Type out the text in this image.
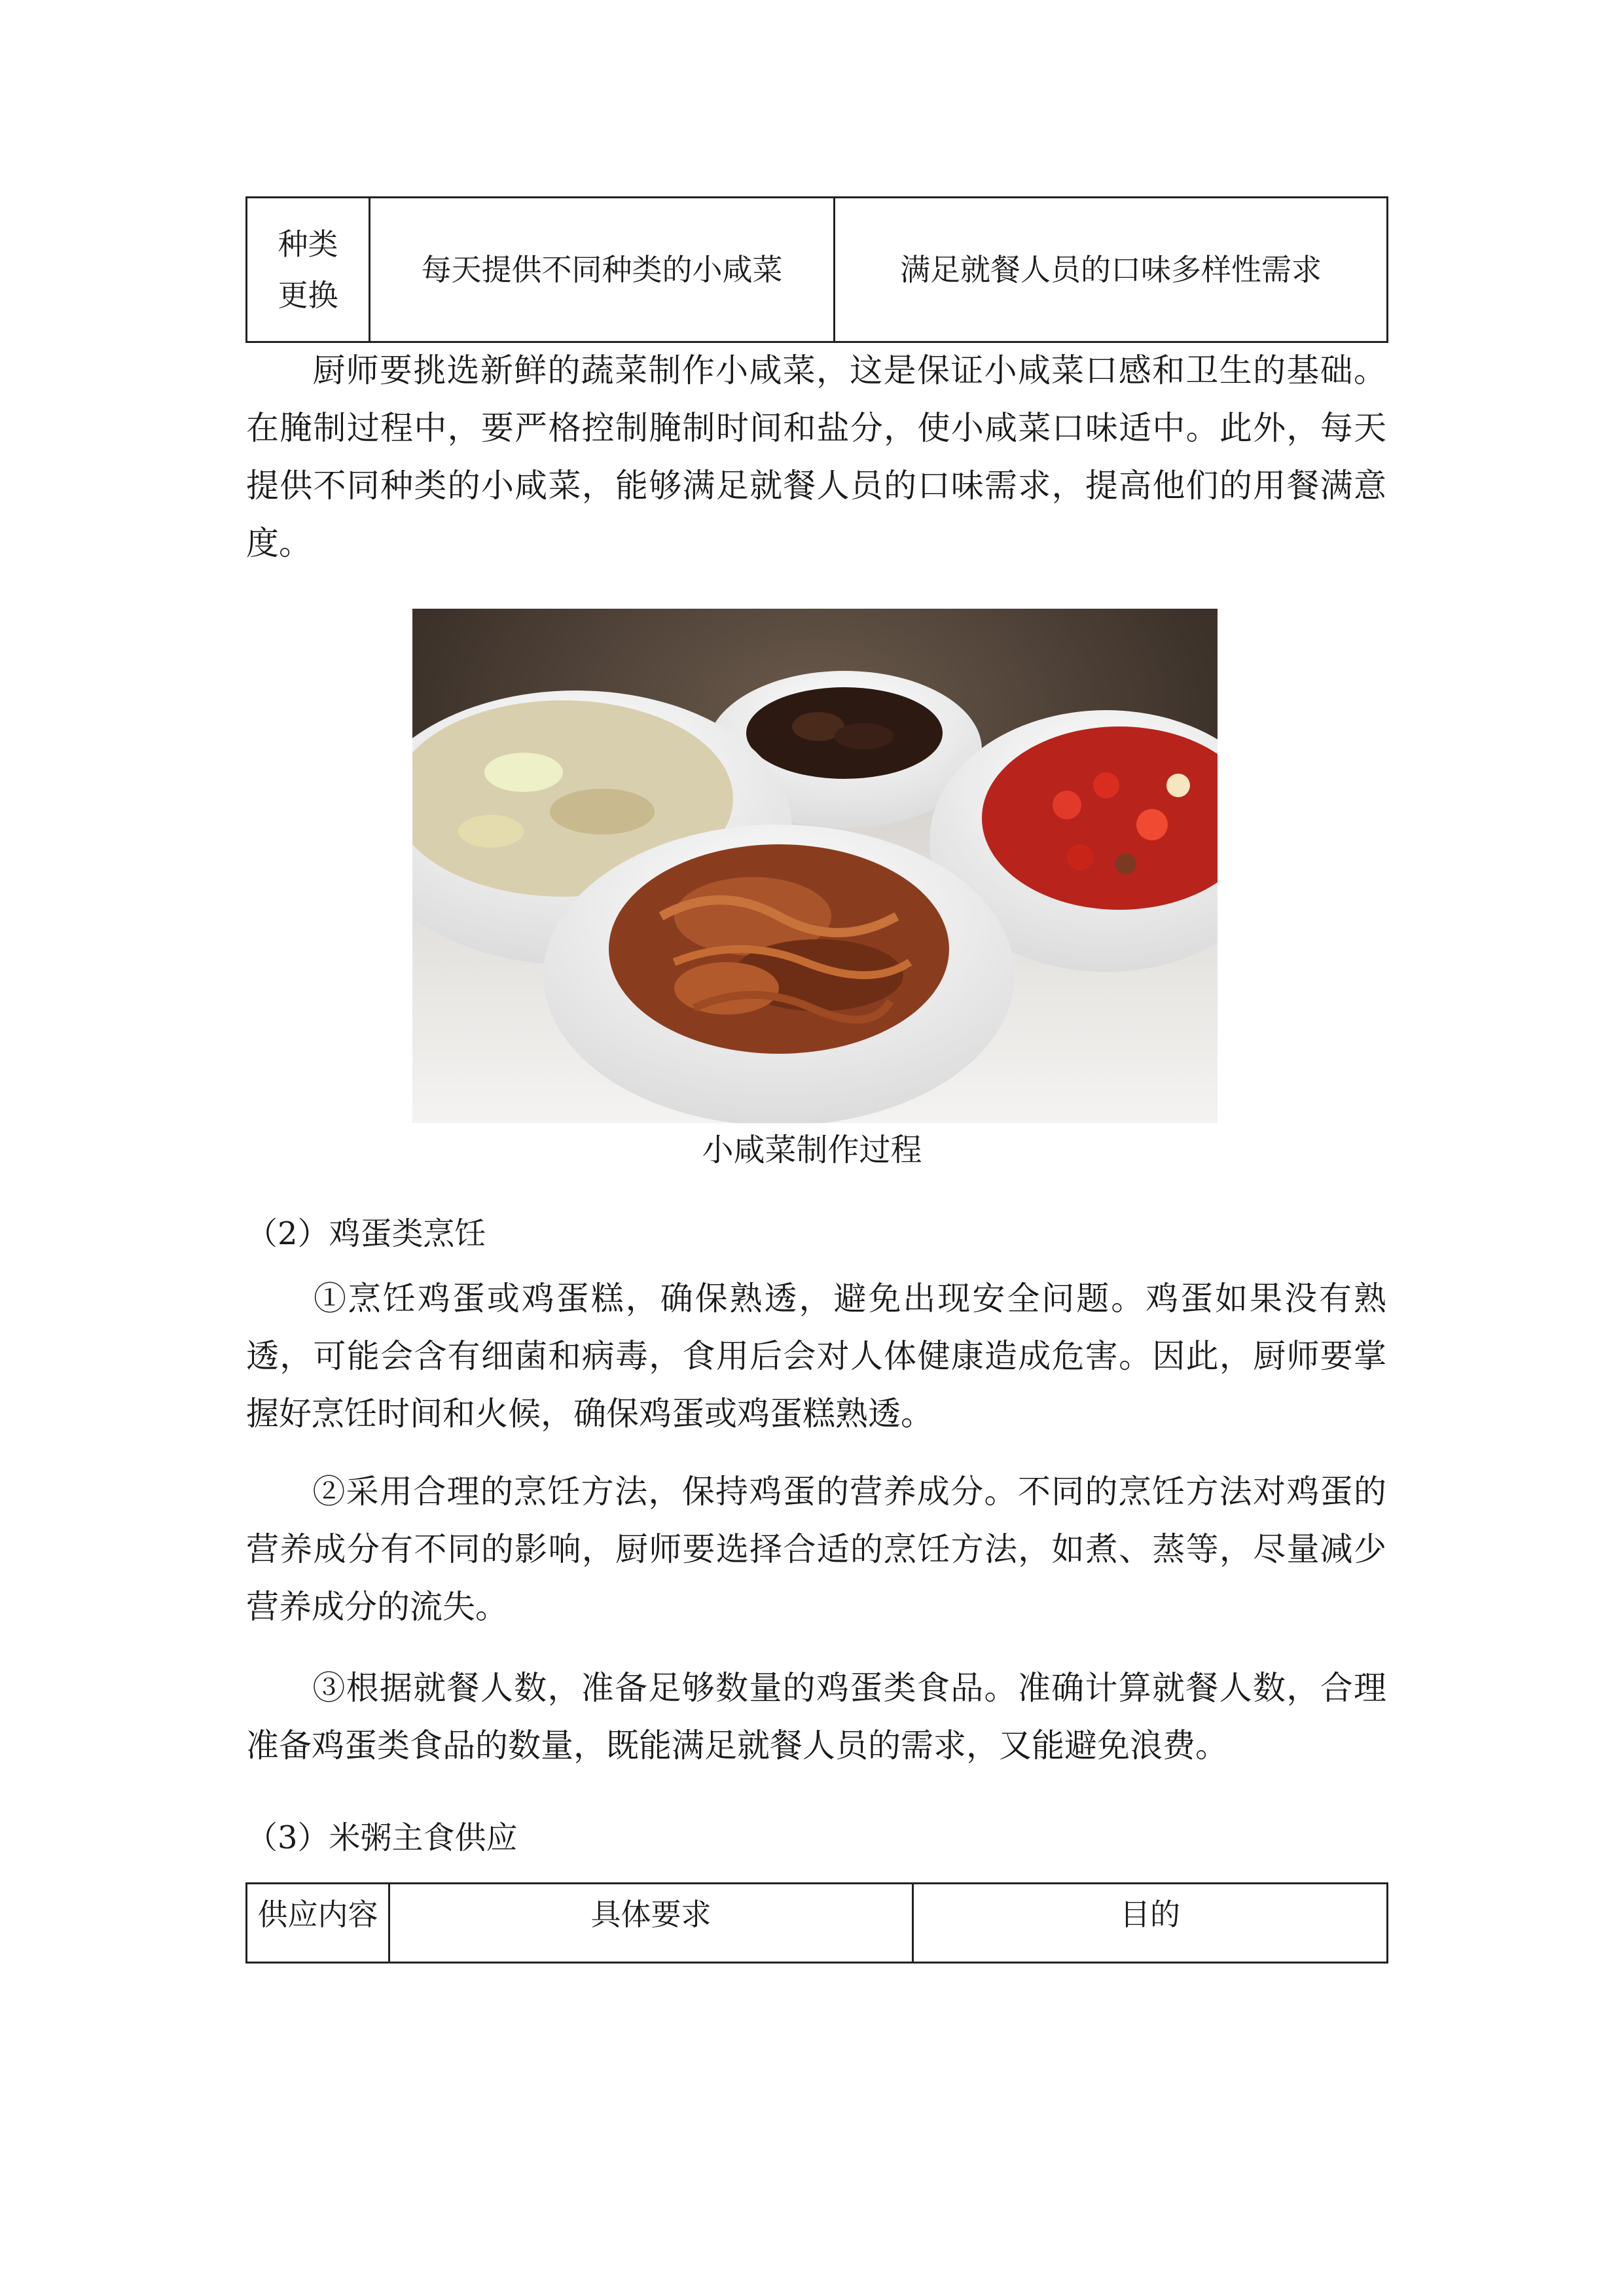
种类更换	每天提供不同种类的小咸菜	满足就餐人员的口味多样性需求

厨师要挑选新鲜的蔬菜制作小咸菜，这是保证小咸菜口感和卫生的基础。在腌制过程中，要严格控制腌制时间和盐分，使小咸菜口味适中。此外，每天提供不同种类的小咸菜，能够满足就餐人员的口味需求，提高他们的用餐满意度。

小咸菜制作过程

（2）鸡蛋类烹饪

①烹饪鸡蛋或鸡蛋糕，确保熟透，避免出现安全问题。鸡蛋如果没有熟透，可能会含有细菌和病毒，食用后会对人体健康造成危害。因此，厨师要掌握好烹饪时间和火候，确保鸡蛋或鸡蛋糕熟透。

②采用合理的烹饪方法，保持鸡蛋的营养成分。不同的烹饪方法对鸡蛋的营养成分有不同的影响，厨师要选择合适的烹饪方法，如煮、蒸等，尽量减少营养成分的流失。

③根据就餐人数，准备足够数量的鸡蛋类食品。准确计算就餐人数，合理准备鸡蛋类食品的数量，既能满足就餐人员的需求，又能避免浪费。

（3）米粥主食供应

供应内容	具体要求	目的
